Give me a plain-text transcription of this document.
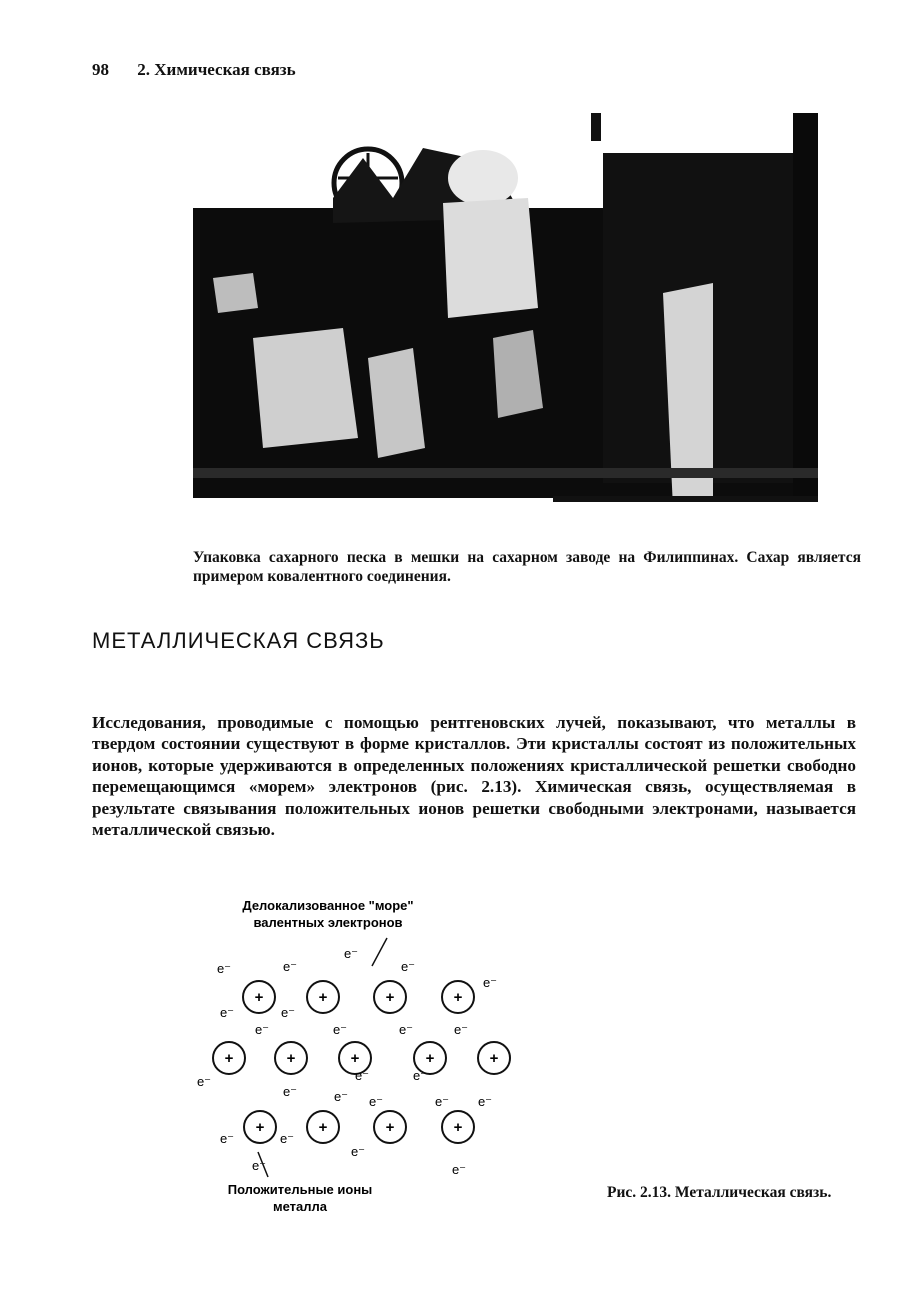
98 2. Химическая связь
Упаковка сахарного песка в мешки на сахарном заводе на Филиппинах. Сахар является примером ковалентного соединения.
МЕТАЛЛИЧЕСКАЯ СВЯЗЬ
Исследования, проводимые с помощью рентгеновских лучей, показывают, что металлы в твердом состоянии существуют в форме кристаллов. Эти кристаллы состоят из положительных ионов, которые удерживаются в определенных положениях кристаллической решетки свободно перемещающимся «морем» электронов (рис. 2.13). Химическая связь, осуществляемая в результате связывания положительных ионов решетки свободными электронами, называется металлической связью.
Делокализованное "море"
валентных электронов
+	+	+	+
+	+	+	+	+
+	+	+	+
e⁻	e⁻	e⁻
e⁻
e⁻
e⁻	e⁻
e⁻	e⁻	e⁻	e⁻
e⁻	e⁻	e⁻
e⁻	e⁻ e⁻	e⁻ e⁻
e⁻	e⁻
e⁻
e⁻	e⁻
Положительные ионы
металла
Рис. 2.13. Металлическая связь.
